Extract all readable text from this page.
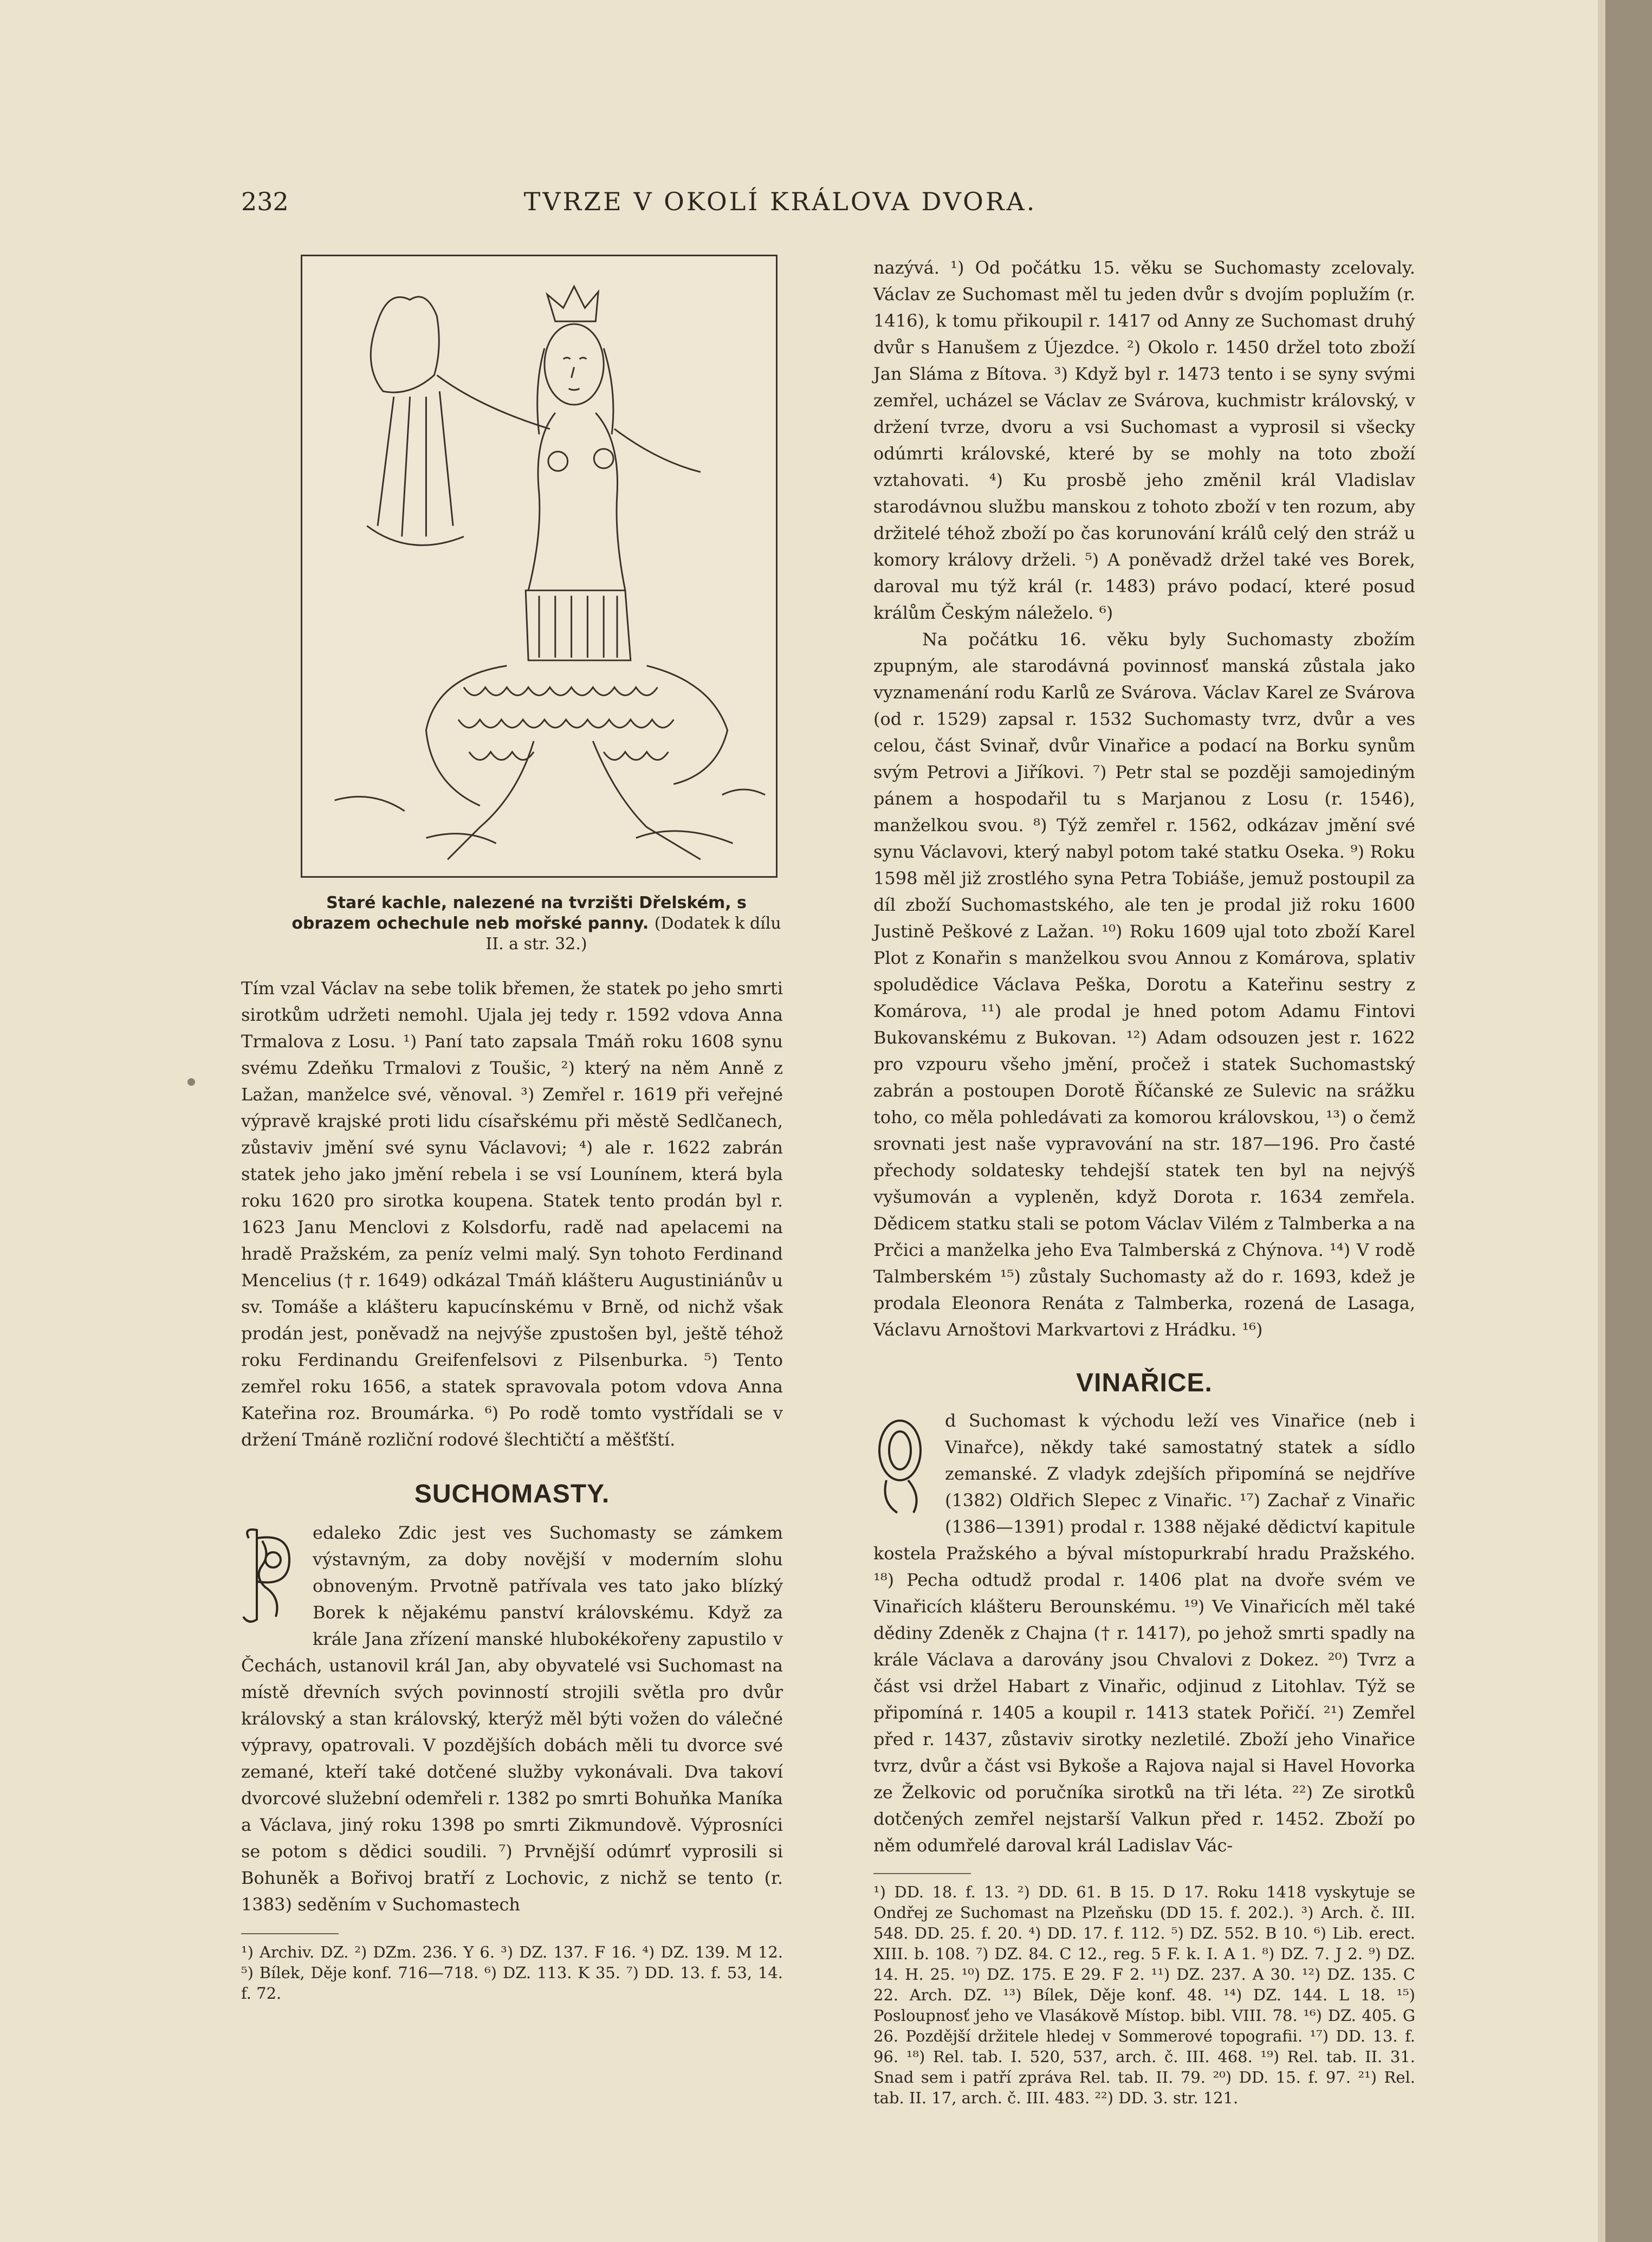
232	TVRZE V OKOLÍ KRÁLOVA DVORA.
Staré kachle, nalezené na tvrzišti Dřelském, s obrazem ochechule neb mořské panny. (Dodatek k dílu II. a str. 32.)

Tím vzal Václav na sebe tolik břemen, že statek po jeho smrti sirotkům udržeti nemohl. Ujala jej tedy r. 1592 vdova Anna Trmalova z Losu. ¹) Paní tato zapsala Tmáň roku 1608 synu svému Zdeňku Trmalovi z Toušic, ²) který na něm Anně z Lažan, manželce své, věnoval. ³) Zemřel r. 1619 při veřejné výpravě krajské proti lidu císařskému při městě Sedlčanech, zůstaviv jmění své synu Václavovi; ⁴) ale r. 1622 zabrán statek jeho jako jmění rebela i se vsí Lounínem, která byla roku 1620 pro sirotka koupena. Statek tento prodán byl r. 1623 Janu Menclovi z Kolsdorfu, radě nad apelacemi na hradě Pražském, za peníz velmi malý. Syn tohoto Ferdinand Mencelius († r. 1649) odkázal Tmáň klášteru Augustiniánův u sv. Tomáše a klášteru kapucínskému v Brně, od nichž však prodán jest, poněvadž na nejvýše zpustošen byl, ještě téhož roku Ferdinandu Greifenfelsovi z Pilsenburka. ⁵) Tento zemřel roku 1656, a statek spravovala potom vdova Anna Kateřina roz. Broumárka. ⁶) Po rodě tomto vystřídali se v držení Tmáně rozliční rodové šlechtičtí a měšťští.

SUCHOMASTY.

edaleko Zdic jest ves Suchomasty se zámkem výstavným, za doby novější v moderním slohu obnoveným. Prvotně patřívala ves tato jako blízký Borek k nějakému panství královskému. Když za krále Jana zřízení manské hlubokékořeny zapustilo v Čechách, ustanovil král Jan, aby obyvatelé vsi Suchomast na místě dřevních svých povinností strojili světla pro dvůr královský a stan královský, kterýž měl býti vožen do válečné výpravy, opatrovali. V pozdějších dobách měli tu dvorce své zemané, kteří také dotčené služby vykonávali. Dva takoví dvorcové služební odemřeli r. 1382 po smrti Bohuňka Maníka a Václava, jiný roku 1398 po smrti Zikmundově. Výprosníci se potom s dědici soudili. ⁷) Prvnější odúmrť vyprosili si Bohuněk a Bořivoj bratří z Lochovic, z nichž se tento (r. 1383) seděním v Suchomastech

¹) Archiv. DZ. ²) DZm. 236. Y 6. ³) DZ. 137. F 16. ⁴) DZ. 139. M 12. ⁵) Bílek, Děje konf. 716—718. ⁶) DZ. 113. K 35. ⁷) DD. 13. f. 53, 14. f. 72.

nazývá. ¹) Od počátku 15. věku se Suchomasty zcelovaly. Václav ze Suchomast měl tu jeden dvůr s dvojím poplužím (r. 1416), k tomu přikoupil r. 1417 od Anny ze Suchomast druhý dvůr s Hanušem z Újezdce. ²) Okolo r. 1450 držel toto zboží Jan Sláma z Bítova. ³) Když byl r. 1473 tento i se syny svými zemřel, ucházel se Václav ze Svárova, kuchmistr královský, v držení tvrze, dvoru a vsi Suchomast a vyprosil si všecky odúmrti královské, které by se mohly na toto zboží vztahovati. ⁴) Ku prosbě jeho změnil král Vladislav starodávnou službu manskou z tohoto zboží v ten rozum, aby držitelé téhož zboží po čas korunování králů celý den stráž u komory královy drželi. ⁵) A poněvadž držel také ves Borek, daroval mu týž král (r. 1483) právo podací, které posud králům Českým náleželo. ⁶)

Na počátku 16. věku byly Suchomasty zbožím zpupným, ale starodávná povinnosť manská zůstala jako vyznamenání rodu Karlů ze Svárova. Václav Karel ze Svárova (od r. 1529) zapsal r. 1532 Suchomasty tvrz, dvůr a ves celou, část Svinař, dvůr Vinařice a podací na Borku synům svým Petrovi a Jiříkovi. ⁷) Petr stal se později samojediným pánem a hospodařil tu s Marjanou z Losu (r. 1546), manželkou svou. ⁸) Týž zemřel r. 1562, odkázav jmění své synu Václavovi, který nabyl potom také statku Oseka. ⁹) Roku 1598 měl již zrostlého syna Petra Tobiáše, jemuž postoupil za díl zboží Suchomastského, ale ten je prodal již roku 1600 Justině Peškové z Lažan. ¹⁰) Roku 1609 ujal toto zboží Karel Plot z Konařin s manželkou svou Annou z Komárova, splativ spoludědice Václava Peška, Dorotu a Kateřinu sestry z Komárova, ¹¹) ale prodal je hned potom Adamu Fintovi Bukovanskému z Bukovan. ¹²) Adam odsouzen jest r. 1622 pro vzpouru všeho jmění, pročež i statek Suchomastský zabrán a postoupen Dorotě Říčanské ze Sulevic na srážku toho, co měla pohledávati za komorou královskou, ¹³) o čemž srovnati jest naše vypravování na str. 187—196. Pro časté přechody soldatesky tehdejší statek ten byl na nejvýš vyšumován a vypleněn, když Dorota r. 1634 zemřela. Dědicem statku stali se potom Václav Vilém z Talmberka a na Prčici a manželka jeho Eva Talmberská z Chýnova. ¹⁴) V rodě Talmberském ¹⁵) zůstaly Suchomasty až do r. 1693, kdež je prodala Eleonora Renáta z Talmberka, rozená de Lasaga, Václavu Arnoštovi Markvartovi z Hrádku. ¹⁶)

VINAŘICE.

d Suchomast k východu leží ves Vinařice (neb i Vinařce), někdy také samostatný statek a sídlo zemanské. Z vladyk zdejších připomíná se nejdříve (1382) Oldřich Slepec z Vinařic. ¹⁷) Zachař z Vinařic (1386—1391) prodal r. 1388 nějaké dědictví kapitule kostela Pražského a býval místopurkrabí hradu Pražského. ¹⁸) Pecha odtudž prodal r. 1406 plat na dvoře svém ve Vinařicích klášteru Berounskému. ¹⁹) Ve Vinařicích měl také dědiny Zdeněk z Chajna († r. 1417), po jehož smrti spadly na krále Václava a darovány jsou Chvalovi z Dokez. ²⁰) Tvrz a část vsi držel Habart z Vinařic, odjinud z Litohlav. Týž se připomíná r. 1405 a koupil r. 1413 statek Pořičí. ²¹) Zemřel před r. 1437, zůstaviv sirotky nezletilé. Zboží jeho Vinařice tvrz, dvůr a část vsi Bykoše a Rajova najal si Havel Hovorka ze Želkovic od poručníka sirotků na tři léta. ²²) Ze sirotků dotčených zemřel nejstarší Valkun před r. 1452. Zboží po něm odumřelé daroval král Ladislav Vác-

¹) DD. 18. f. 13. ²) DD. 61. B 15. D 17. Roku 1418 vyskytuje se Ondřej ze Suchomast na Plzeňsku (DD 15. f. 202.). ³) Arch. č. III. 548. DD. 25. f. 20. ⁴) DD. 17. f. 112. ⁵) DZ. 552. B 10. ⁶) Lib. erect. XIII. b. 108. ⁷) DZ. 84. C 12., reg. 5 F. k. I. A 1. ⁸) DZ. 7. J 2. ⁹) DZ. 14. H. 25. ¹⁰) DZ. 175. E 29. F 2. ¹¹) DZ. 237. A 30. ¹²) DZ. 135. C 22. Arch. DZ. ¹³) Bílek, Děje konf. 48. ¹⁴) DZ. 144. L 18. ¹⁵) Posloupnosť jeho ve Vlasákově Místop. bibl. VIII. 78. ¹⁶) DZ. 405. G 26. Pozdější držitele hledej v Sommerové topografii. ¹⁷) DD. 13. f. 96. ¹⁸) Rel. tab. I. 520, 537, arch. č. III. 468. ¹⁹) Rel. tab. II. 31. Snad sem i patří zpráva Rel. tab. II. 79. ²⁰) DD. 15. f. 97. ²¹) Rel. tab. II. 17, arch. č. III. 483. ²²) DD. 3. str. 121.
